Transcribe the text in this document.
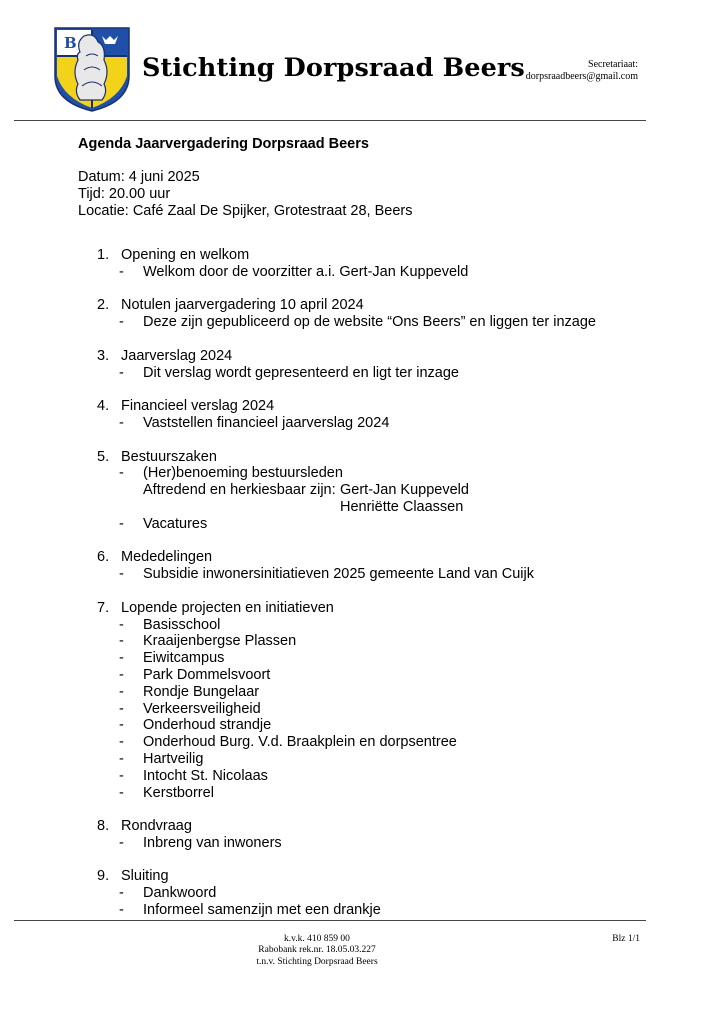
B
Stichting Dorpsraad Beers	Secretariaat:
dorpsraadbeers@gmail.com
Agenda Jaarvergadering Dorpsraad Beers
Datum: 4 juni 2025
Tijd: 20.00 uur
Locatie: Café Zaal De Spijker, Grotestraat 28, Beers
1. Opening en welkom
- Welkom door de voorzitter a.i. Gert-Jan Kuppeveld
2. Notulen jaarvergadering 10 april 2024
- Deze zijn gepubliceerd op de website “Ons Beers” en liggen ter inzage
3. Jaarverslag 2024
- Dit verslag wordt gepresenteerd en ligt ter inzage
4. Financieel verslag 2024
- Vaststellen financieel jaarverslag 2024
5. Bestuurszaken
- (Her)benoeming bestuursleden
Aftredend en herkiesbaar zijn: Gert-Jan Kuppeveld
Henriëtte Claassen
- Vacatures
6. Mededelingen
- Subsidie inwonersinitiatieven 2025 gemeente Land van Cuijk
7. Lopende projecten en initiatieven
- Basisschool
- Kraaijenbergse Plassen
- Eiwitcampus
- Park Dommelsvoort
- Rondje Bungelaar
- Verkeersveiligheid
- Onderhoud strandje
- Onderhoud Burg. V.d. Braakplein en dorpsentree
- Hartveilig
- Intocht St. Nicolaas
- Kerstborrel
8. Rondvraag
- Inbreng van inwoners
9. Sluiting
- Dankwoord
- Informeel samenzijn met een drankje
k.v.k. 410 859 00
Rabobank rek.nr. 18.05.03.227
t.n.v. Stichting Dorpsraad Beers
Blz 1/1
